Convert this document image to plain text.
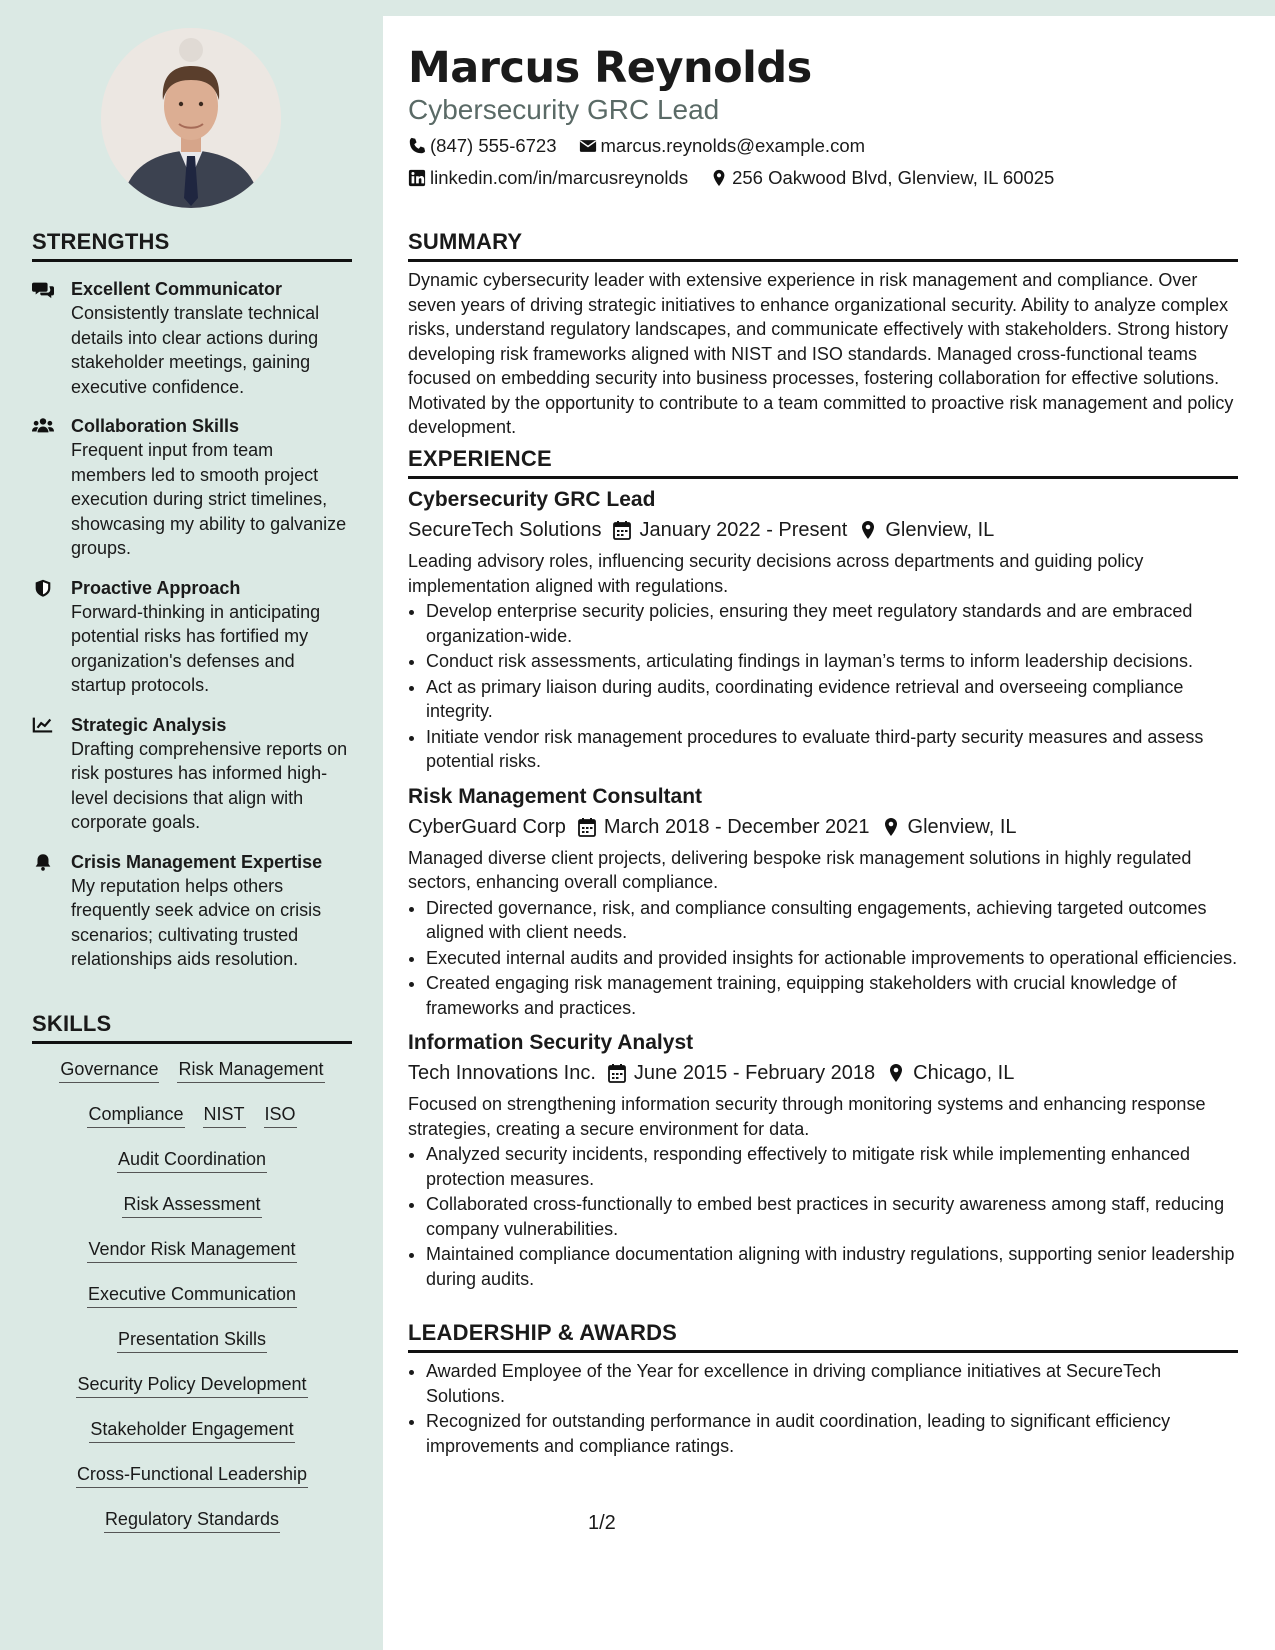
STRENGTHS
Excellent Communicator
Consistently translate technical details into clear actions during stakeholder meetings, gaining executive confidence.
Collaboration Skills
Frequent input from team members led to smooth project execution during strict timelines, showcasing my ability to galvanize groups.
Proactive Approach
Forward-thinking in anticipating potential risks has fortified my organization's defenses and startup protocols.
Strategic Analysis
Drafting comprehensive reports on risk postures has informed high-level decisions that align with corporate goals.
Crisis Management Expertise
My reputation helps others frequently seek advice on crisis scenarios; cultivating trusted relationships aids resolution.
SKILLS
Governance Risk Management
Compliance NIST ISO
Audit Coordination
Risk Assessment
Vendor Risk Management
Executive Communication
Presentation Skills
Security Policy Development
Stakeholder Engagement
Cross-Functional Leadership
Regulatory Standards
Marcus Reynolds
Cybersecurity GRC Lead
(847) 555-6723 marcus.reynolds@example.com
linkedin.com/in/marcusreynolds 256 Oakwood Blvd, Glenview, IL 60025
SUMMARY

Dynamic cybersecurity leader with extensive experience in risk management and compliance. Over seven years of driving strategic initiatives to enhance organizational security. Ability to analyze complex risks, understand regulatory landscapes, and communicate effectively with stakeholders. Strong history developing risk frameworks aligned with NIST and ISO standards. Managed cross-functional teams focused on embedding security into business processes, fostering collaboration for effective solutions. Motivated by the opportunity to contribute to a team committed to proactive risk management and policy development.

EXPERIENCE
Cybersecurity GRC Lead
SecureTech Solutions January 2022 - Present Glenview, IL

Leading advisory roles, influencing security decisions across departments and guiding policy implementation aligned with regulations.

• Develop enterprise security policies, ensuring they meet regulatory standards and are embraced organization-wide.
• Conduct risk assessments, articulating findings in layman’s terms to inform leadership decisions.
• Act as primary liaison during audits, coordinating evidence retrieval and overseeing compliance integrity.
• Initiate vendor risk management procedures to evaluate third-party security measures and assess potential risks.
Risk Management Consultant
CyberGuard Corp March 2018 - December 2021 Glenview, IL

Managed diverse client projects, delivering bespoke risk management solutions in highly regulated sectors, enhancing overall compliance.

• Directed governance, risk, and compliance consulting engagements, achieving targeted outcomes aligned with client needs.
• Executed internal audits and provided insights for actionable improvements to operational efficiencies.
• Created engaging risk management training, equipping stakeholders with crucial knowledge of frameworks and practices.
Information Security Analyst
Tech Innovations Inc. June 2015 - February 2018 Chicago, IL

Focused on strengthening information security through monitoring systems and enhancing response strategies, creating a secure environment for data.

• Analyzed security incidents, responding effectively to mitigate risk while implementing enhanced protection measures.
• Collaborated cross-functionally to embed best practices in security awareness among staff, reducing company vulnerabilities.
• Maintained compliance documentation aligning with industry regulations, supporting senior leadership during audits.
LEADERSHIP & AWARDS
• Awarded Employee of the Year for excellence in driving compliance initiatives at SecureTech Solutions.
• Recognized for outstanding performance in audit coordination, leading to significant efficiency improvements and compliance ratings.
1/2
